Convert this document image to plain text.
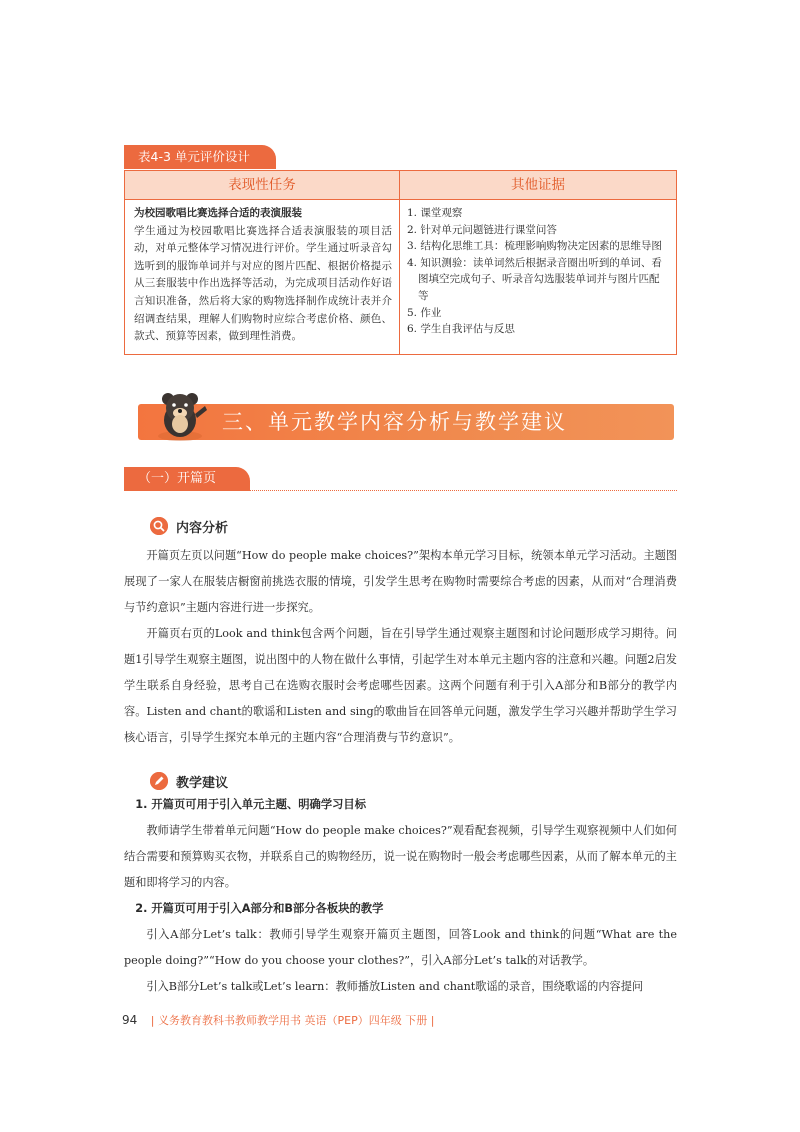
表4-3 单元评价设计
表现性任务	其他证据
为校园歌唱比赛选择合适的表演服装
学生通过为校园歌唱比赛选择合适表演服装的项目活动，对单元整体学习情况进行评价。学生通过听录音勾选听到的服饰单词并与对应的图片匹配、根据价格提示从三套服装中作出选择等活动，为完成项目活动作好语言知识准备，然后将大家的购物选择制作成统计表并介绍调查结果，理解人们购物时应综合考虑价格、颜色、款式、预算等因素，做到理性消费。
1. 课堂观察
2. 针对单元问题链进行课堂问答
3. 结构化思维工具：梳理影响购物决定因素的思维导图
4. 知识测验：读单词然后根据录音圈出听到的单词、看图填空完成句子、听录音勾选服装单词并与图片匹配等
5. 作业
6. 学生自我评估与反思
三、单元教学内容分析与教学建议
（一）开篇页
内容分析

开篇页左页以问题“How do people make choices?”架构本单元学习目标，统领本单元学习活动。主题图展现了一家人在服装店橱窗前挑选衣服的情境，引发学生思考在购物时需要综合考虑的因素，从而对“合理消费与节约意识”主题内容进行进一步探究。

开篇页右页的Look and think包含两个问题，旨在引导学生通过观察主题图和讨论问题形成学习期待。问题1引导学生观察主题图，说出图中的人物在做什么事情，引起学生对本单元主题内容的注意和兴趣。问题2启发学生联系自身经验，思考自己在选购衣服时会考虑哪些因素。这两个问题有利于引入A部分和B部分的教学内容。Listen and chant的歌谣和Listen and sing的歌曲旨在回答单元问题，激发学生学习兴趣并帮助学生学习核心语言，引导学生探究本单元的主题内容“合理消费与节约意识”。

教学建议

1. 开篇页可用于引入单元主题、明确学习目标

教师请学生带着单元问题“How do people make choices?”观看配套视频，引导学生观察视频中人们如何结合需要和预算购买衣物，并联系自己的购物经历，说一说在购物时一般会考虑哪些因素，从而了解本单元的主题和即将学习的内容。

2. 开篇页可用于引入A部分和B部分各板块的教学

引入A部分Let’s talk：教师引导学生观察开篇页主题图，回答Look and think的问题“What are the people doing?”“How do you choose your clothes?”，引入A部分Let’s talk的对话教学。

引入B部分Let’s talk或Let’s learn：教师播放Listen and chant歌谣的录音，围绕歌谣的内容提问

94 | 义务教育教科书教师教学用书 英语（PEP）四年级 下册 |
